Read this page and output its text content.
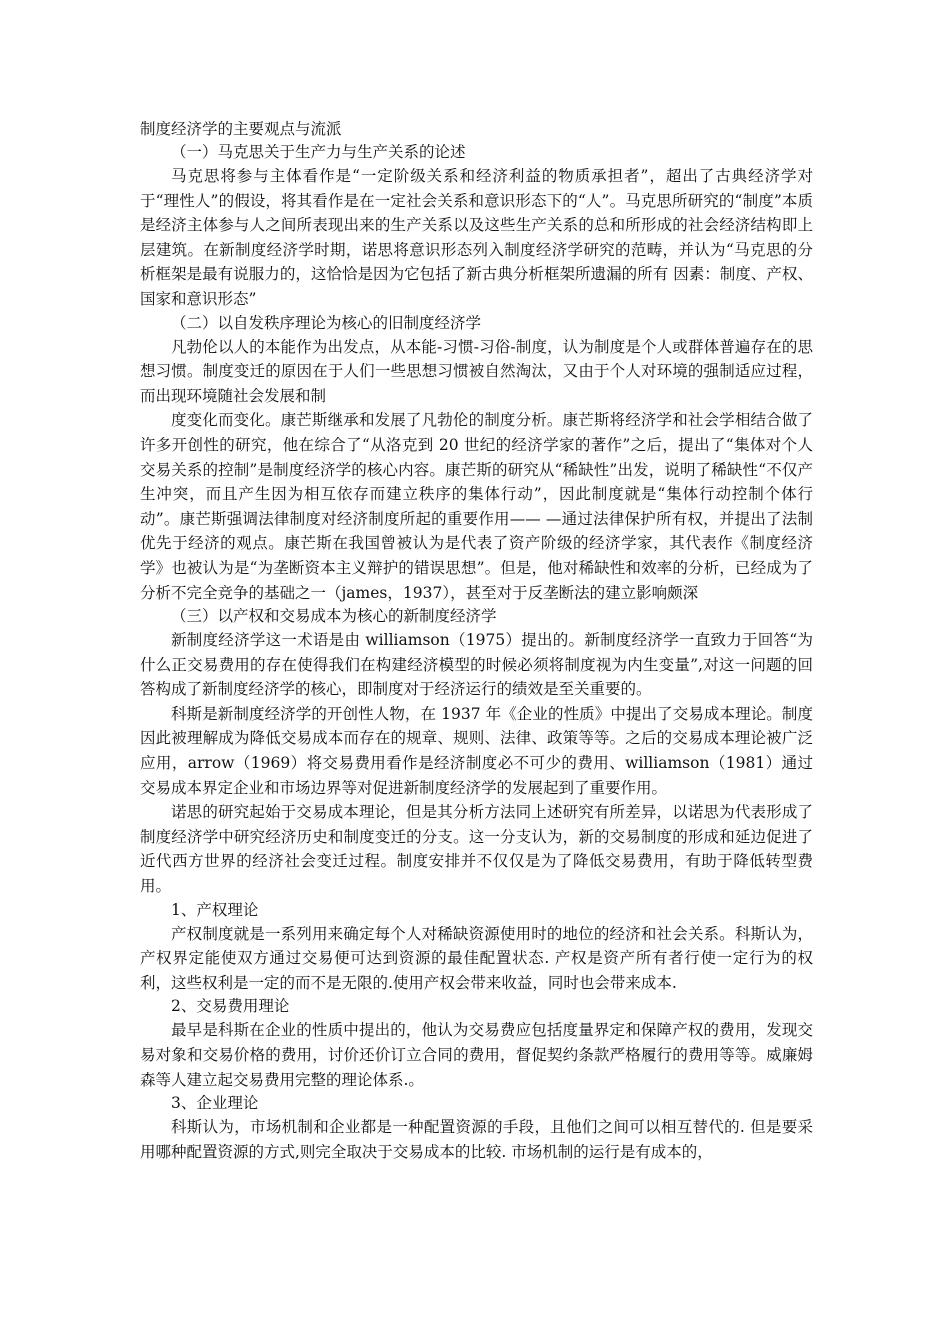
制度经济学的主要观点与流派
（一）马克思关于生产力与生产关系的论述

马克思将参与主体看作是“一定阶级关系和经济利益的物质承担者”，超出了古典经济学对于“理性人”的假设，将其看作是在一定社会关系和意识形态下的“人”。马克思所研究的“制度”本质是经济主体参与人之间所表现出来的生产关系以及这些生产关系的总和所形成的社会经济结构即上层建筑。在新制度经济学时期，诺思将意识形态列入制度经济学研究的范畴，并认为“马克思的分析框架是最有说服力的，这恰恰是因为它包括了新古典分析框架所遗漏的所有 因素：制度、产权、国家和意识形态”

（二）以自发秩序理论为核心的旧制度经济学

凡勃伦以人的本能作为出发点，从本能-习惯-习俗-制度，认为制度是个人或群体普遍存在的思想习惯。制度变迁的原因在于人们一些思想习惯被自然淘汰，又由于个人对环境的强制适应过程，而出现环境随社会发展和制

度变化而变化。康芒斯继承和发展了凡勃伦的制度分析。康芒斯将经济学和社会学相结合做了许多开创性的研究，他在综合了“从洛克到 20 世纪的经济学家的著作”之后，提出了“集体对个人交易关系的控制”是制度经济学的核心内容。康芒斯的研究从“稀缺性”出发，说明了稀缺性“不仅产生冲突，而且产生因为相互依存而建立秩序的集体行动”，因此制度就是“集体行动控制个体行动”。康芒斯强调法律制度对经济制度所起的重要作用—— —通过法律保护所有权，并提出了法制优先于经济的观点。康芒斯在我国曾被认为是代表了资产阶级的经济学家，其代表作《制度经济学》也被认为是“为垄断资本主义辩护的错误思想”。但是，他对稀缺性和效率的分析，已经成为了分析不完全竞争的基础之一（james，1937），甚至对于反垄断法的建立影响颇深

（三）以产权和交易成本为核心的新制度经济学

新制度经济学这一术语是由 williamson（1975）提出的。新制度经济学一直致力于回答“为什么正交易费用的存在使得我们在构建经济模型的时候必须将制度视为内生变量”,对这一问题的回答构成了新制度经济学的核心，即制度对于经济运行的绩效是至关重要的。

科斯是新制度经济学的开创性人物，在 1937 年《企业的性质》中提出了交易成本理论。制度因此被理解成为降低交易成本而存在的规章、规则、法律、政策等等。之后的交易成本理论被广泛应用，arrow（1969）将交易费用看作是经济制度必不可少的费用、williamson（1981）通过交易成本界定企业和市场边界等对促进新制度经济学的发展起到了重要作用。

诺思的研究起始于交易成本理论，但是其分析方法同上述研究有所差异，以诺思为代表形成了制度经济学中研究经济历史和制度变迁的分支。这一分支认为，新的交易制度的形成和延边促进了近代西方世界的经济社会变迁过程。制度安排并不仅仅是为了降低交易费用，有助于降低转型费用。

1、产权理论

产权制度就是一系列用来确定每个人对稀缺资源使用时的地位的经济和社会关系。科斯认为，产权界定能使双方通过交易便可达到资源的最佳配置状态. 产权是资产所有者行使一定行为的权利，这些权利是一定的而不是无限的.使用产权会带来收益，同时也会带来成本.

2、交易费用理论

最早是科斯在企业的性质中提出的，他认为交易费应包括度量界定和保障产权的费用，发现交易对象和交易价格的费用，讨价还价订立合同的费用，督促契约条款严格履行的费用等等。威廉姆森等人建立起交易费用完整的理论体系.。

3、企业理论

科斯认为，市场机制和企业都是一种配置资源的手段，且他们之间可以相互替代的. 但是要采用哪种配置资源的方式,则完全取决于交易成本的比较. 市场机制的运行是有成本的，
